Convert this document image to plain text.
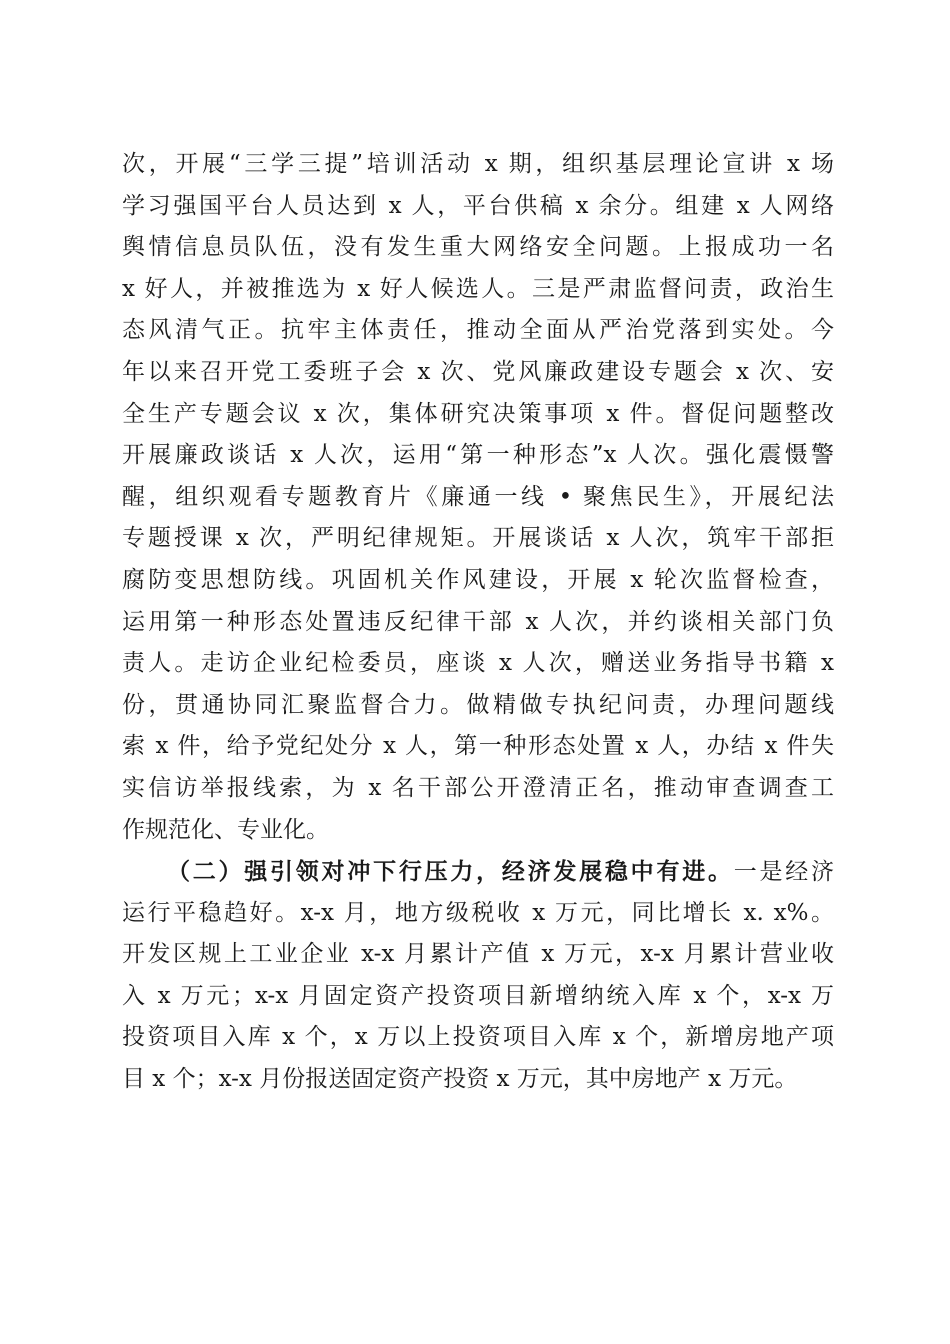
次，开展“三学三提”培训活动 x 期，组织基层理论宣讲 x 场
学习强国平台人员达到 x 人，平台供稿 x 余分。组建 x 人网络
舆情信息员队伍，没有发生重大网络安全问题。上报成功一名
x 好人，并被推选为 x 好人候选人。三是严肃监督问责，政治生
态风清气正。抗牢主体责任，推动全面从严治党落到实处。今
年以来召开党工委班子会 x 次、党风廉政建设专题会 x 次、安
全生产专题会议 x 次，集体研究决策事项 x 件。督促问题整改
开展廉政谈话 x 人次，运用“第一种形态”x 人次。强化震慑警
醒，组织观看专题教育片《廉通一线 • 聚焦民生》，开展纪法
专题授课 x 次，严明纪律规矩。开展谈话 x 人次，筑牢干部拒
腐防变思想防线。巩固机关作风建设，开展 x 轮次监督检查，
运用第一种形态处置违反纪律干部 x 人次，并约谈相关部门负
责人。走访企业纪检委员，座谈 x 人次，赠送业务指导书籍 x
份，贯通协同汇聚监督合力。做精做专执纪问责，办理问题线
索 x 件，给予党纪处分 x 人，第一种形态处置 x 人，办结 x 件失
实信访举报线索，为 x 名干部公开澄清正名，推动审查调查工
作规范化、专业化。
（二）强引领对冲下行压力，经济发展稳中有进。一是经济
运行平稳趋好。x-x 月，地方级税收 x 万元，同比增长 x. x%。
开发区规上工业企业 x-x 月累计产值 x 万元，x-x 月累计营业收
入 x 万元；x-x 月固定资产投资项目新增纳统入库 x 个，x-x 万
投资项目入库 x 个，x 万以上投资项目入库 x 个，新增房地产项
目 x 个；x-x 月份报送固定资产投资 x 万元，其中房地产 x 万元。
